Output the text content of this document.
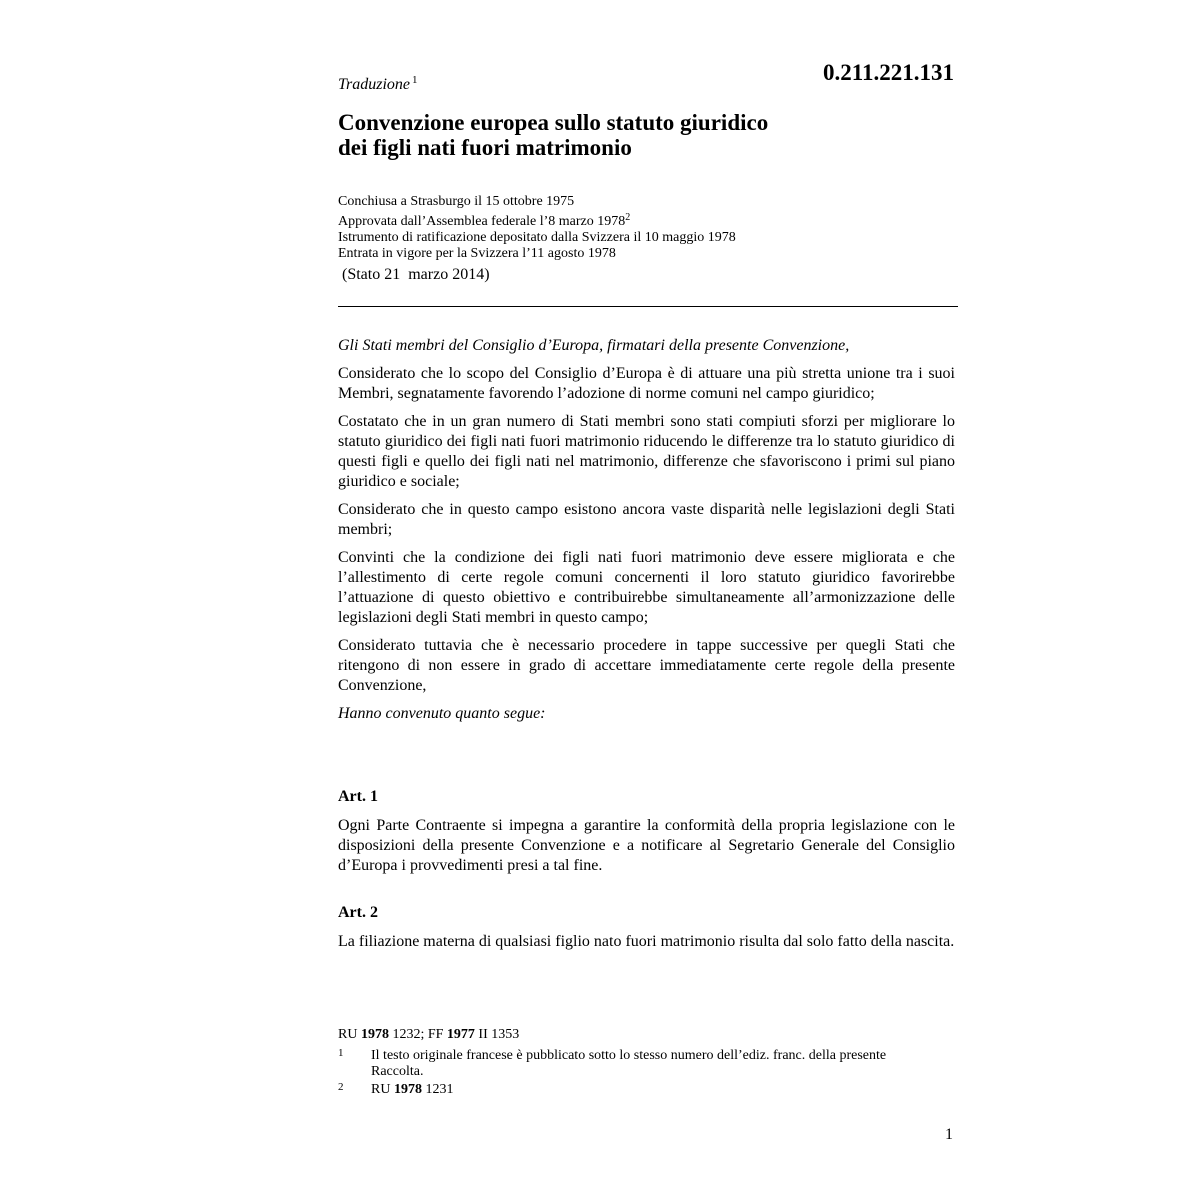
Traduzione $^1$	0.211.221.131
Convenzione europea sullo statuto giuridico
dei figli nati fuori matrimonio
Conchiusa a Strasburgo il 15 ottobre 1975
Approvata dall’Assemblea federale l’8 marzo 1978$^2$
Istrumento di ratificazione depositato dalla Svizzera il 10 maggio 1978
Entrata in vigore per la Svizzera l’11 agosto 1978
(Stato 21  marzo 2014)

Gli Stati membri del Consiglio d’Europa, firmatari della presente Convenzione,

Considerato che lo scopo del Consiglio d’Europa è di attuare una più stretta unione tra i suoi Membri, segnatamente favorendo l’adozione di norme comuni nel campo giuridico;

Costatato che in un gran numero di Stati membri sono stati compiuti sforzi per migliorare lo statuto giuridico dei figli nati fuori matrimonio riducendo le differenze tra lo statuto giuridico di questi figli e quello dei figli nati nel matrimonio, differenze che sfavoriscono i primi sul piano giuridico e sociale;

Considerato che in questo campo esistono ancora vaste disparità nelle legislazioni degli Stati membri;

Convinti che la condizione dei figli nati fuori matrimonio deve essere migliorata e che l’allestimento di certe regole comuni concernenti il loro statuto giuridico favorirebbe l’attuazione di questo obiettivo e contribuirebbe simultaneamente all’armonizzazione delle legislazioni degli Stati membri in questo campo;

Considerato tuttavia che è necessario procedere in tappe successive per quegli Stati che ritengono di non essere in grado di accettare immediatamente certe regole della presente Convenzione,

Hanno convenuto quanto segue:

Art. 1
Ogni Parte Contraente si impegna a garantire la conformità della propria legislazione con le disposizioni della presente Convenzione e a notificare al Segretario Generale del Consiglio d’Europa i provvedimenti presi a tal fine.
Art. 2
La filiazione materna di qualsiasi figlio nato fuori matrimonio risulta dal solo fatto della nascita.
RU 1978 1232; FF 1977 II 1353
1 Il testo originale francese è pubblicato sotto lo stesso numero dell’ediz. franc. della presente Raccolta.
2 RU 1978 1231
1
